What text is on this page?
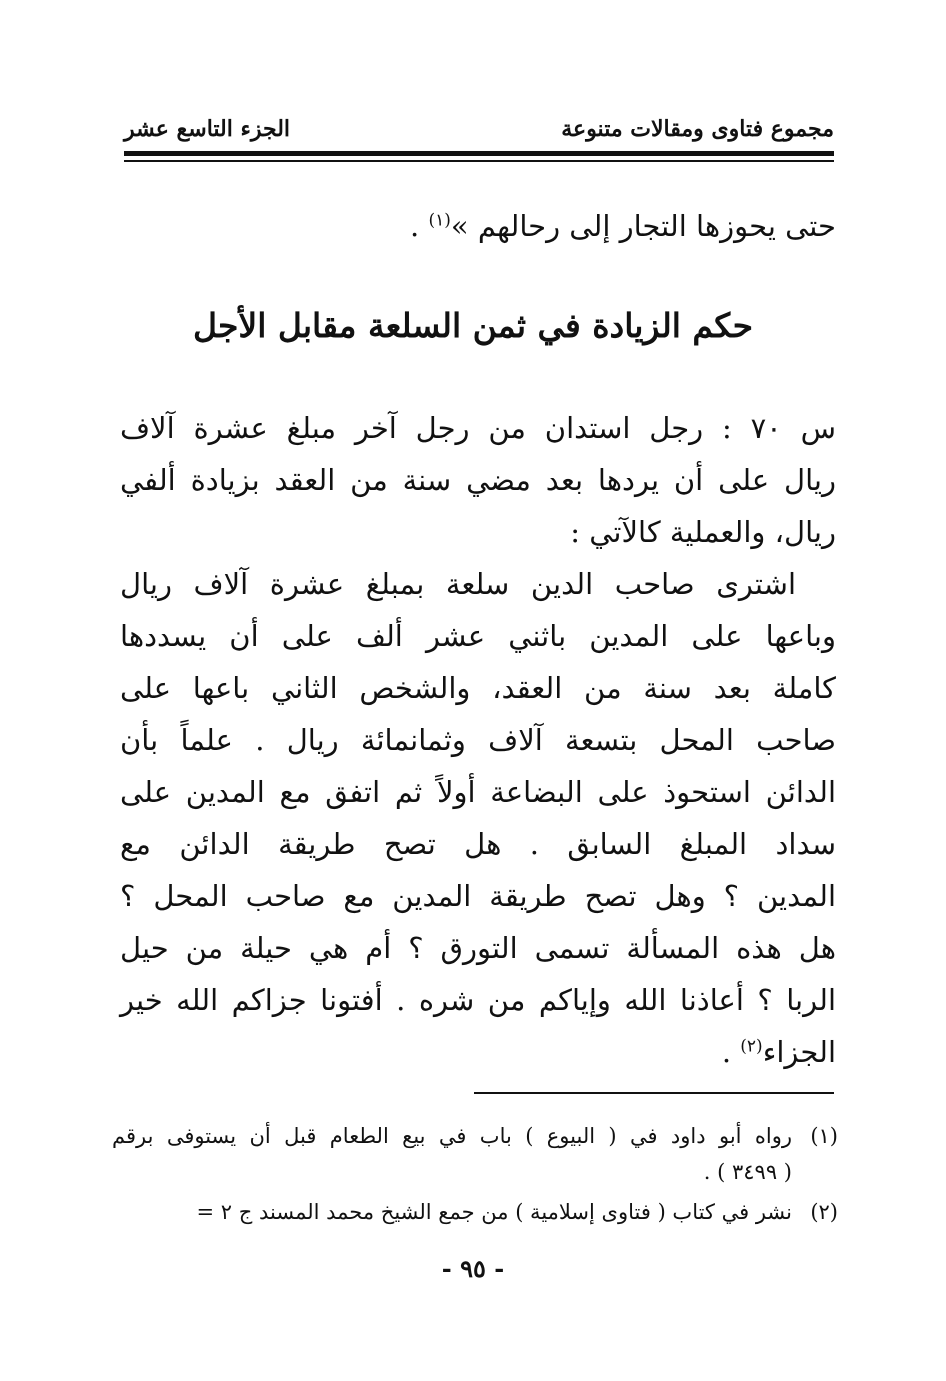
مجموع فتاوى ومقالات متنوعة
الجزء التاسع عشر
حتى يحوزها التجار إلى رحالهم »$^{(١)}$ .
حكم الزيادة في ثمن السلعة مقابل الأجل
س ٧٠ : رجل استدان من رجل آخر مبلغ عشرة آلاف
ريال على أن يردها بعد مضي سنة من العقد بزيادة ألفي
ريال، والعملية كالآتي :
اشترى صاحب الدين سلعة بمبلغ عشرة آلاف ريال
وباعها على المدين باثني عشر ألف على أن يسددها
كاملة بعد سنة من العقد، والشخص الثاني باعها على
صاحب المحل بتسعة آلاف وثمانمائة ريال . علماً بأن
الدائن استحوذ على البضاعة أولاً ثم اتفق مع المدين على
سداد المبلغ السابق . هل تصح طريقة الدائن مع
المدين ؟ وهل تصح طريقة المدين مع صاحب المحل ؟
هل هذه المسألة تسمى التورق ؟ أم هي حيلة من حيل
الربا ؟ أعاذنا الله وإياكم من شره . أفتونا جزاكم الله خير
الجزاء$^{(٢)}$ .
(١)
رواه أبو داود في ( البيوع ) باب في بيع الطعام قبل أن يستوفى برقم
( ٣٤٩٩ ) .
(٢)
نشر في كتاب ( فتاوى إسلامية ) من جمع الشيخ محمد المسند ج ٢ =
- ٩٥ -
